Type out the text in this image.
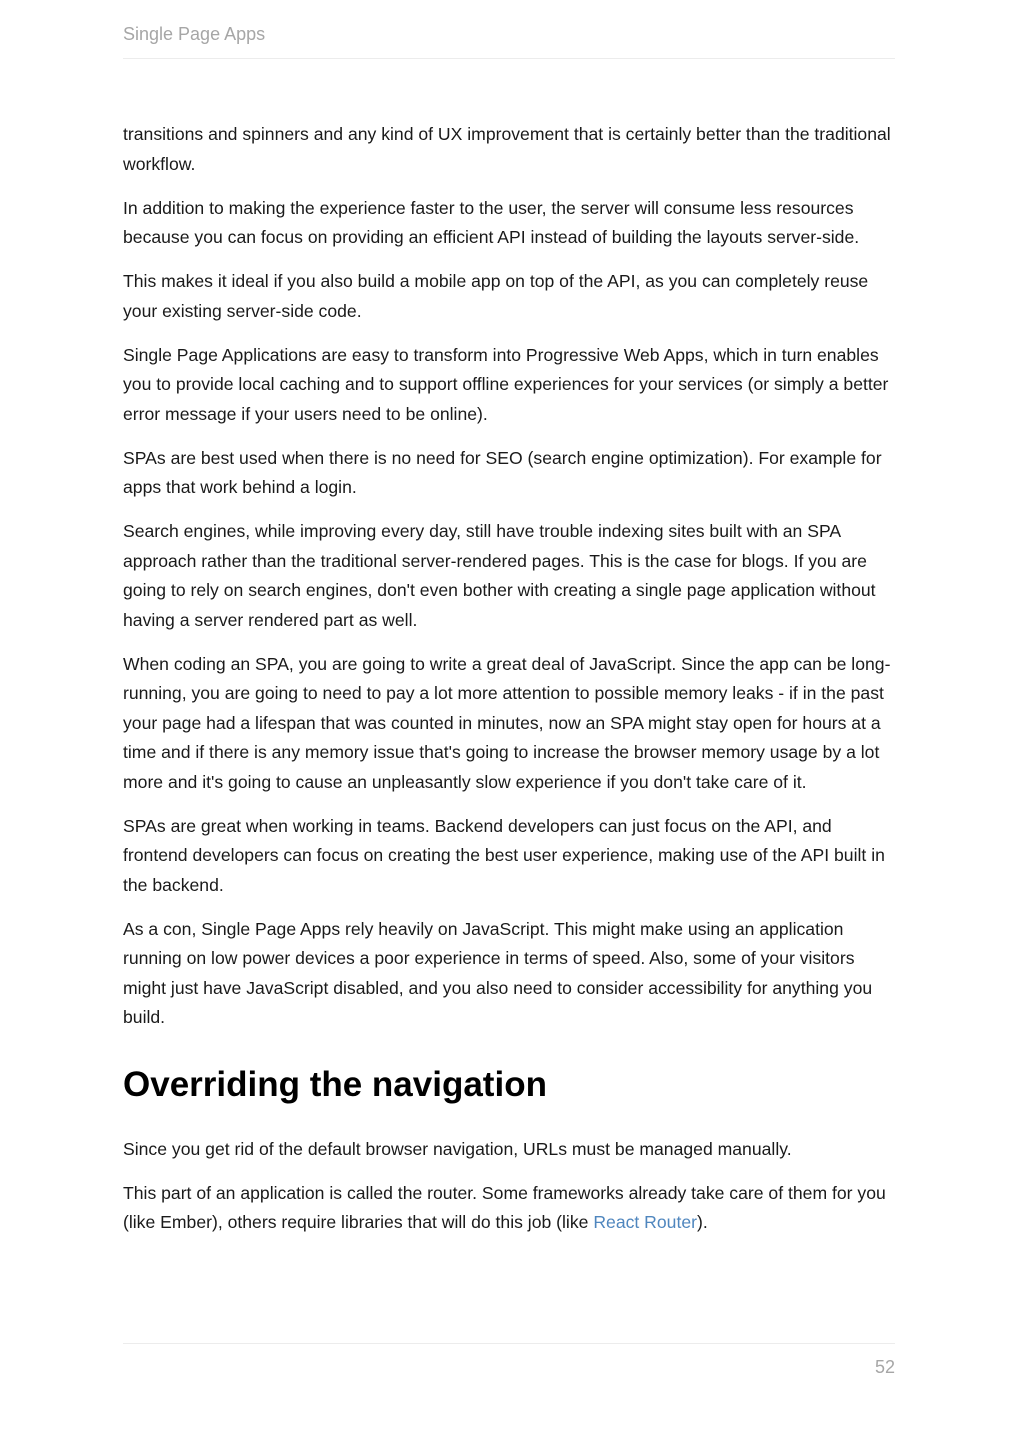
Single Page Apps

transitions and spinners and any kind of UX improvement that is certainly better than the traditional workflow.

In addition to making the experience faster to the user, the server will consume less resources because you can focus on providing an efficient API instead of building the layouts server-side.

This makes it ideal if you also build a mobile app on top of the API, as you can completely reuse your existing server-side code.

Single Page Applications are easy to transform into Progressive Web Apps, which in turn enables you to provide local caching and to support offline experiences for your services (or simply a better error message if your users need to be online).

SPAs are best used when there is no need for SEO (search engine optimization). For example for apps that work behind a login.

Search engines, while improving every day, still have trouble indexing sites built with an SPA approach rather than the traditional server-rendered pages. This is the case for blogs. If you are going to rely on search engines, don't even bother with creating a single page application without having a server rendered part as well.

When coding an SPA, you are going to write a great deal of JavaScript. Since the app can be long-running, you are going to need to pay a lot more attention to possible memory leaks - if in the past your page had a lifespan that was counted in minutes, now an SPA might stay open for hours at a time and if there is any memory issue that's going to increase the browser memory usage by a lot more and it's going to cause an unpleasantly slow experience if you don't take care of it.

SPAs are great when working in teams. Backend developers can just focus on the API, and frontend developers can focus on creating the best user experience, making use of the API built in the backend.

As a con, Single Page Apps rely heavily on JavaScript. This might make using an application running on low power devices a poor experience in terms of speed. Also, some of your visitors might just have JavaScript disabled, and you also need to consider accessibility for anything you build.

Overriding the navigation

Since you get rid of the default browser navigation, URLs must be managed manually.

This part of an application is called the router. Some frameworks already take care of them for you (like Ember), others require libraries that will do this job (like React Router).

52
